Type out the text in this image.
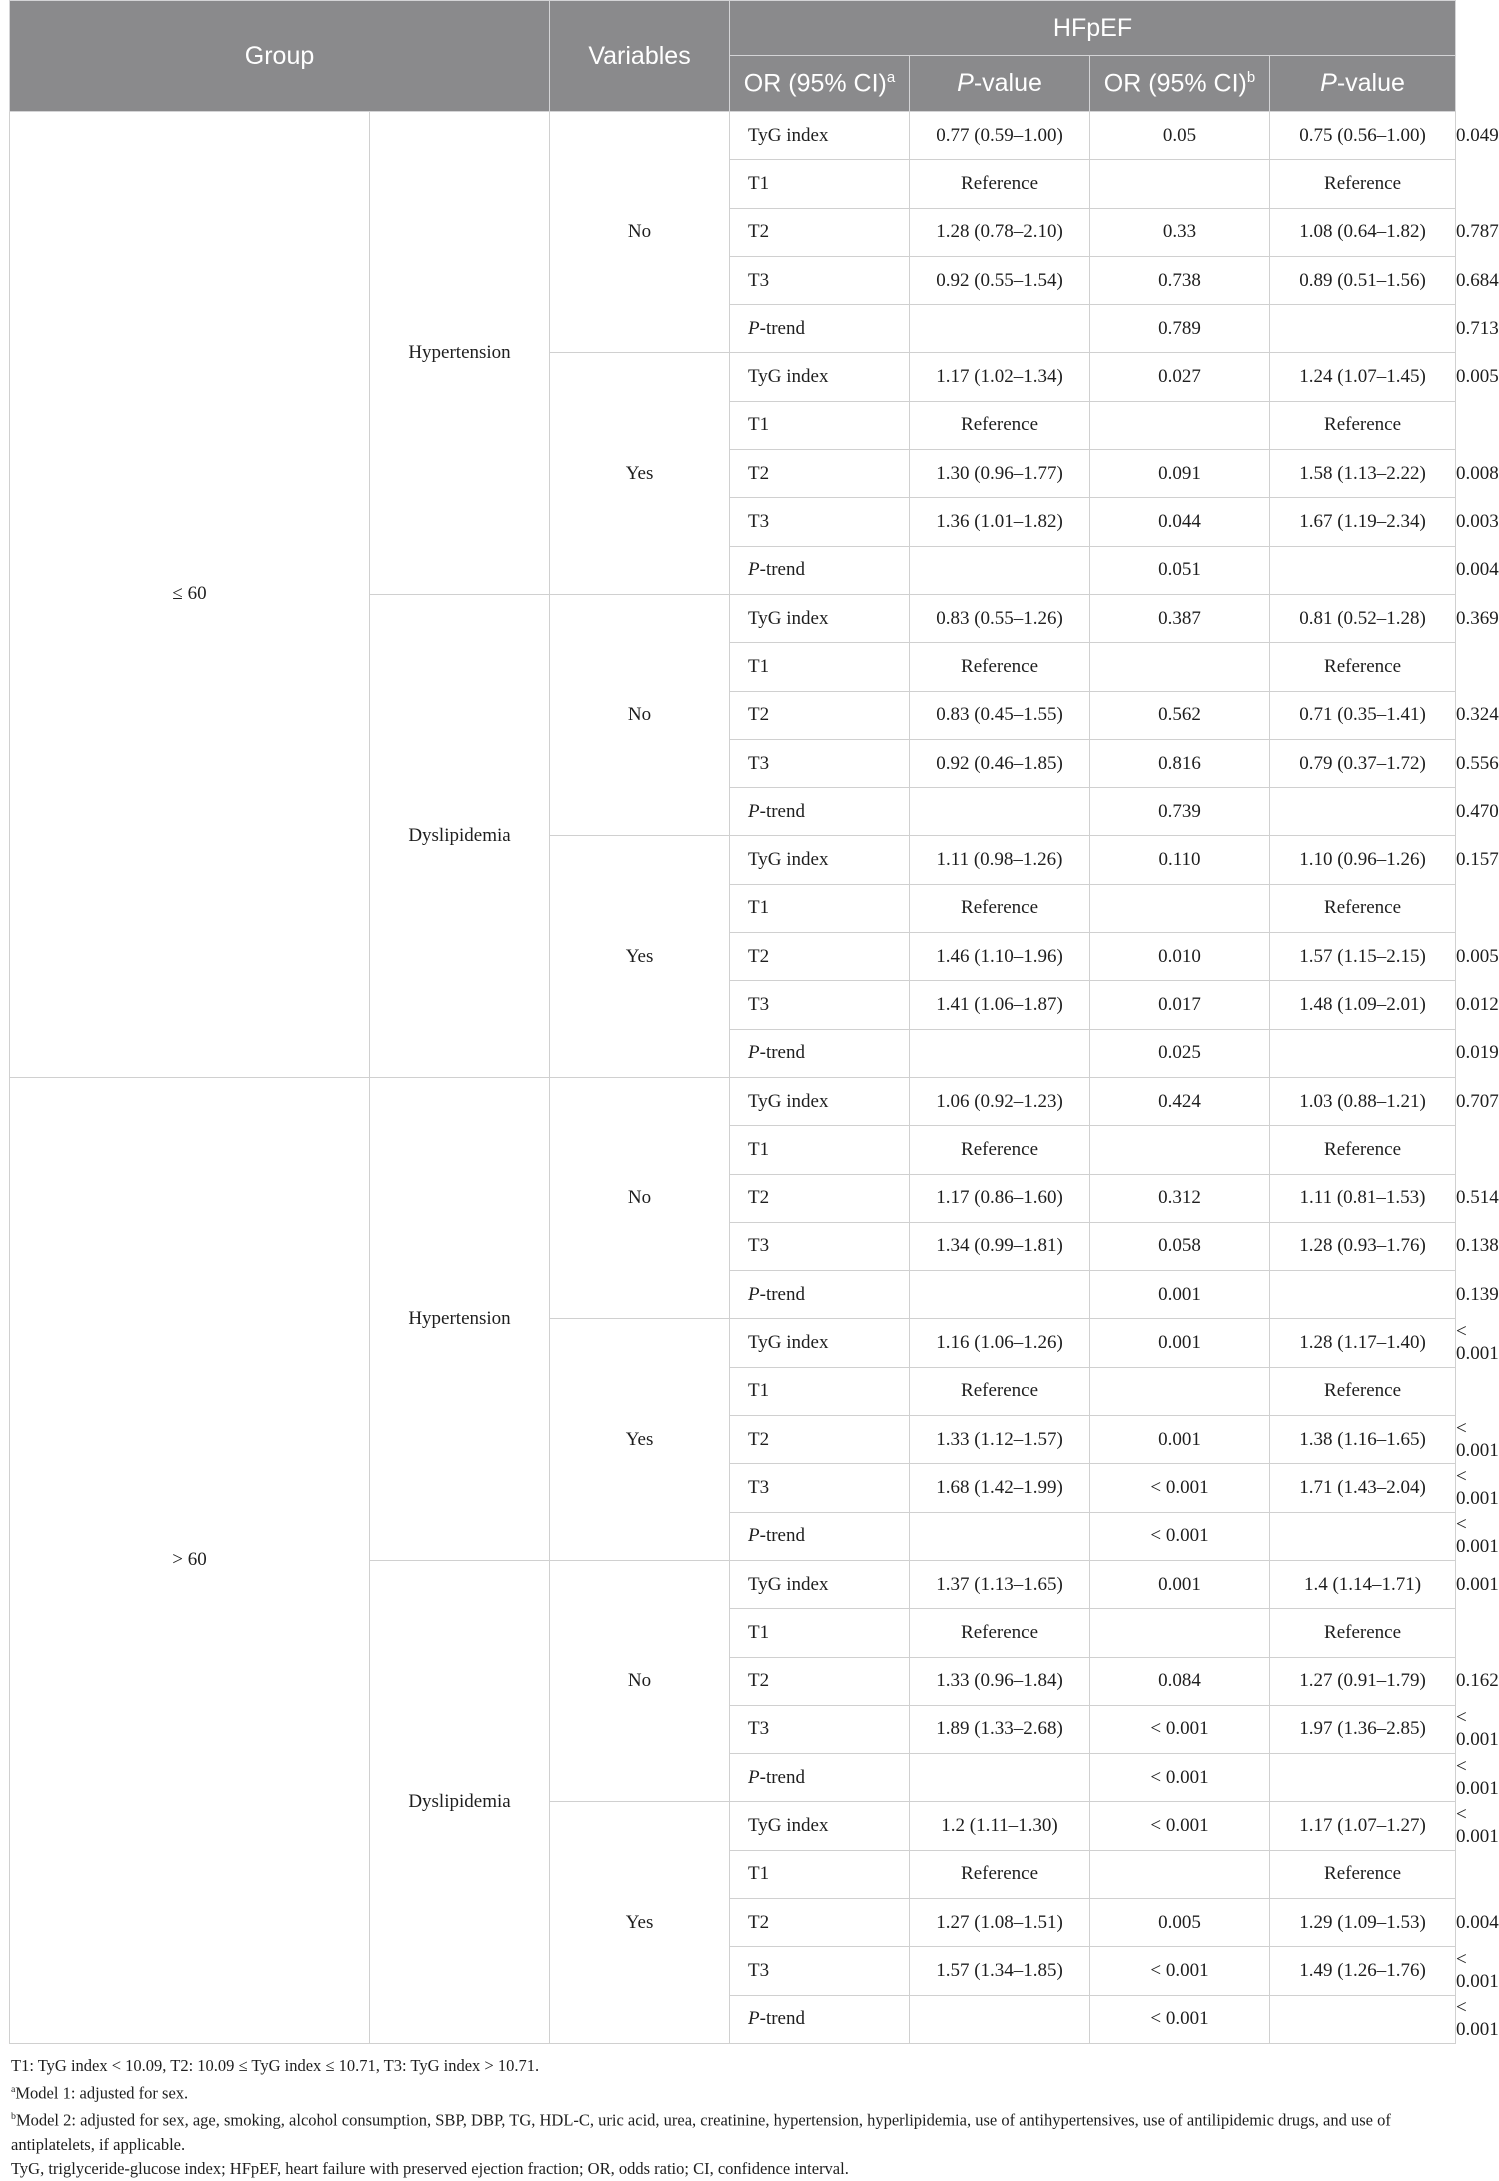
Group		Variables	HFpEF				
			OR (95% CI)$^a$	P-value	OR (95% CI)$^b$	P-value	
≤ 60	Hypertension	No	TyG index	0.77 (0.59–1.00)	0.05	0.75 (0.56–1.00)	0.049
			T1	Reference		Reference	
			T2	1.28 (0.78–2.10)	0.33	1.08 (0.64–1.82)	0.787
			T3	0.92 (0.55–1.54)	0.738	0.89 (0.51–1.56)	0.684
			P-trend		0.789		0.713
		Yes	TyG index	1.17 (1.02–1.34)	0.027	1.24 (1.07–1.45)	0.005
			T1	Reference		Reference	
			T2	1.30 (0.96–1.77)	0.091	1.58 (1.13–2.22)	0.008
			T3	1.36 (1.01–1.82)	0.044	1.67 (1.19–2.34)	0.003
			P-trend		0.051		0.004
	Dyslipidemia	No	TyG index	0.83 (0.55–1.26)	0.387	0.81 (0.52–1.28)	0.369
			T1	Reference		Reference	
			T2	0.83 (0.45–1.55)	0.562	0.71 (0.35–1.41)	0.324
			T3	0.92 (0.46–1.85)	0.816	0.79 (0.37–1.72)	0.556
			P-trend		0.739		0.470
		Yes	TyG index	1.11 (0.98–1.26)	0.110	1.10 (0.96–1.26)	0.157
			T1	Reference		Reference	
			T2	1.46 (1.10–1.96)	0.010	1.57 (1.15–2.15)	0.005
			T3	1.41 (1.06–1.87)	0.017	1.48 (1.09–2.01)	0.012
			P-trend		0.025		0.019
> 60	Hypertension	No	TyG index	1.06 (0.92–1.23)	0.424	1.03 (0.88–1.21)	0.707
			T1	Reference		Reference	
			T2	1.17 (0.86–1.60)	0.312	1.11 (0.81–1.53)	0.514
			T3	1.34 (0.99–1.81)	0.058	1.28 (0.93–1.76)	0.138
			P-trend		0.001		0.139
		Yes	TyG index	1.16 (1.06–1.26)	0.001	1.28 (1.17–1.40)	< 0.001
			T1	Reference		Reference	
			T2	1.33 (1.12–1.57)	0.001	1.38 (1.16–1.65)	< 0.001
			T3	1.68 (1.42–1.99)	< 0.001	1.71 (1.43–2.04)	< 0.001
			P-trend		< 0.001		< 0.001
	Dyslipidemia	No	TyG index	1.37 (1.13–1.65)	0.001	1.4 (1.14–1.71)	0.001
			T1	Reference		Reference	
			T2	1.33 (0.96–1.84)	0.084	1.27 (0.91–1.79)	0.162
			T3	1.89 (1.33–2.68)	< 0.001	1.97 (1.36–2.85)	< 0.001
			P-trend		< 0.001		< 0.001
		Yes	TyG index	1.2 (1.11–1.30)	< 0.001	1.17 (1.07–1.27)	< 0.001
			T1	Reference		Reference	
			T2	1.27 (1.08–1.51)	0.005	1.29 (1.09–1.53)	0.004
			T3	1.57 (1.34–1.85)	< 0.001	1.49 (1.26–1.76)	< 0.001
			P-trend		< 0.001		< 0.001

T1: TyG index < 10.09, T2: 10.09 ≤ TyG index ≤ 10.71, T3: TyG index > 10.71.

$^a$Model 1: adjusted for sex.

$^b$Model 2: adjusted for sex, age, smoking, alcohol consumption, SBP, DBP, TG, HDL-C, uric acid, urea, creatinine, hypertension, hyperlipidemia, use of antihypertensives, use of antilipidemic drugs, and use of antiplatelets, if applicable.

TyG, triglyceride-glucose index; HFpEF, heart failure with preserved ejection fraction; OR, odds ratio; CI, confidence interval.
